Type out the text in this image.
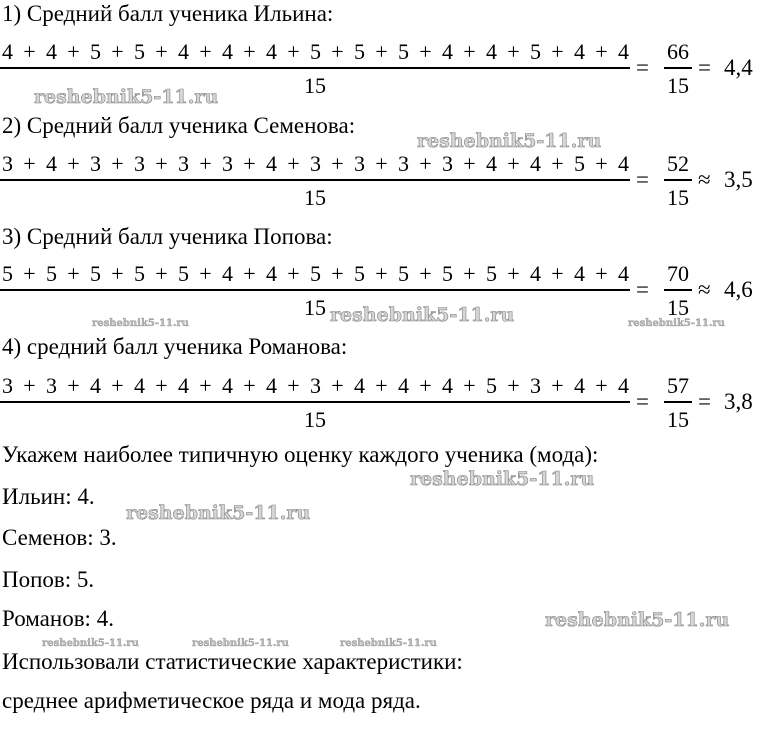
1) Средний балл ученика Ильина:
4 + 4 + 5 + 5 + 4 + 4 + 4 + 5 + 5 + 5 + 4 + 4 + 5 + 4 + 4
15
=
66
15
= 4,4
2) Средний балл ученика Семенова:
3 + 4 + 3 + 3 + 3 + 3 + 4 + 3 + 3 + 3 + 3 + 4 + 4 + 5 + 4
15
=
52
15
≈ 3,5
3) Средний балл ученика Попова:
5 + 5 + 5 + 5 + 5 + 4 + 4 + 5 + 5 + 5 + 5 + 5 + 4 + 4 + 4
15
=
70
15
≈ 4,6
4) средний балл ученика Романова:
3 + 3 + 4 + 4 + 4 + 4 + 4 + 3 + 4 + 4 + 4 + 5 + 3 + 4 + 4
15
=
57
15
= 3,8
Укажем наиболее типичную оценку каждого ученика (мода):
Ильин: 4.
Семенов: 3.
Попов: 5.
Романов: 4.
Использовали статистические характеристики:
среднее арифметическое ряда и мода ряда.
reshebnik5-11.ru
reshebnik5-11.ru
reshebnik5-11.ru
reshebnik5-11.ru	reshebnik5-11.ru
reshebnik5-11.ru
reshebnik5-11.ru
reshebnik5-11.ru
reshebnik5-11.ru	reshebnik5-11.ru	reshebnik5-11.ru
